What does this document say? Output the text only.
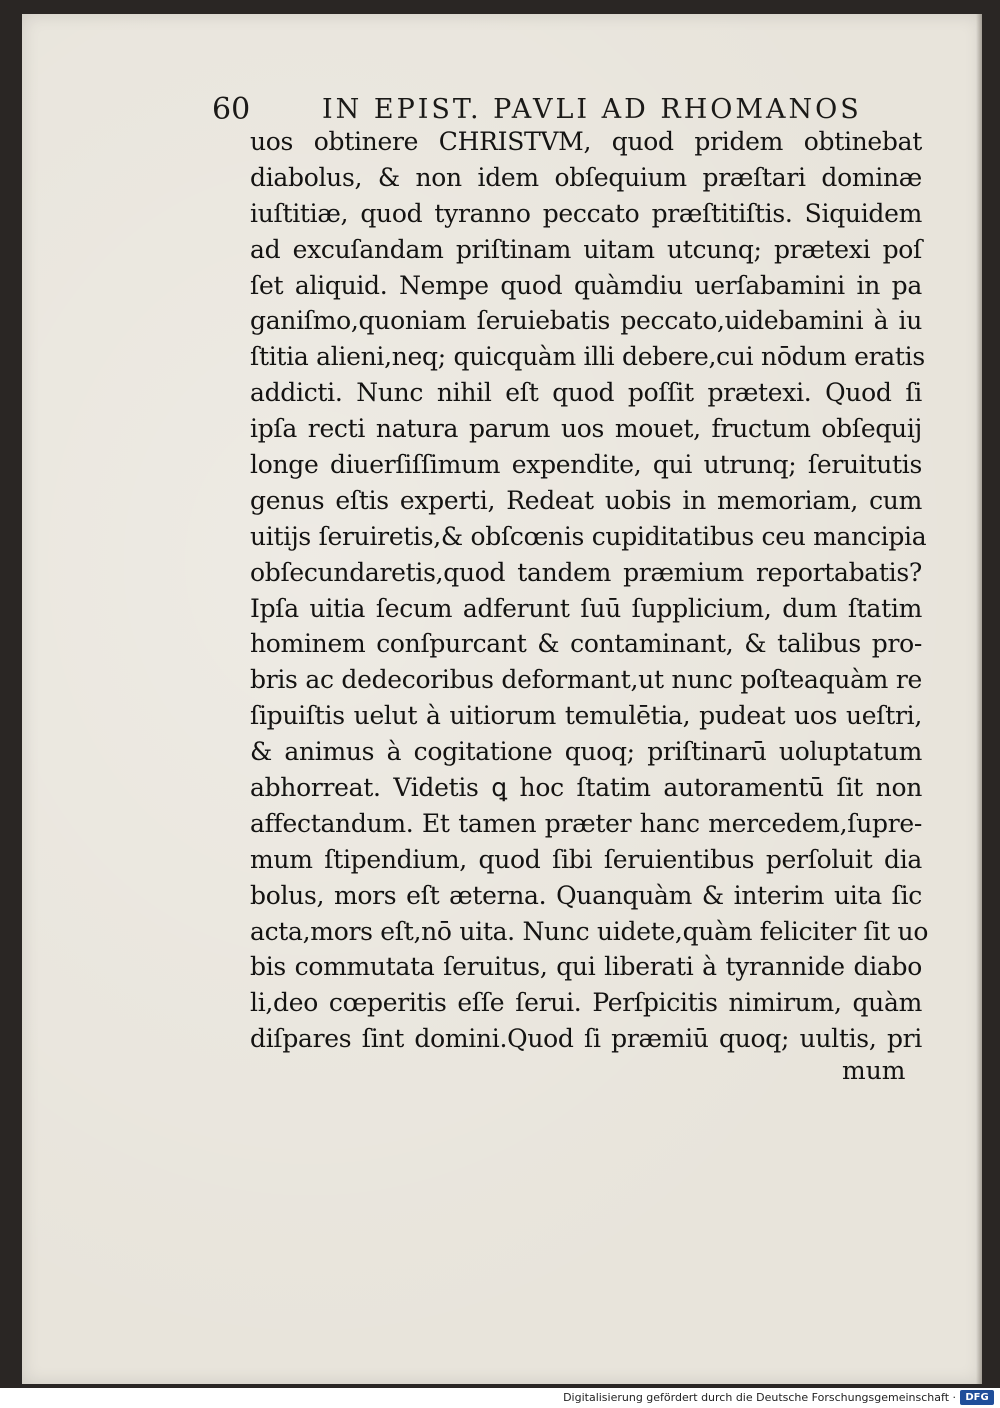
60	IN EPIST. PAVLI AD RHOMANOS
uos obtinere CHRISTVM, quod pridem obtinebat
diabolus, & non idem obſequium præſtari dominæ
iuſtitiæ, quod tyranno peccato præſtitiſtis. Siquidem
ad excuſandam priſtinam uitam utcunq; prætexi poſ
ſet aliquid. Nempe quod quàmdiu uerſabamini in pa
ganiſmo,quoniam ſeruiebatis peccato,uidebamini à iu
ſtitia alieni,neq; quicquàm illi debere,cui nōdum eratis
addicti. Nunc nihil eſt quod poſſit prætexi. Quod ſi
ipſa recti natura parum uos mouet, fructum obſequij
longe diuerſiſſimum expendite, qui utrunq; ſeruitutis
genus eſtis experti, Redeat uobis in memoriam, cum
uitijs ſeruiretis,& obſcœnis cupiditatibus ceu mancipia
obſecundaretis,quod tandem præmium reportabatis?
Ipſa uitia ſecum adferunt ſuū ſupplicium, dum ſtatim
hominem conſpurcant & contaminant, & talibus pro-
bris ac dedecoribus deformant,ut nunc poſteaquàm re
ſipuiſtis uelut à uitiorum temulētia, pudeat uos ueſtri,
& animus à cogitatione quoq; priſtinarū uoluptatum
abhorreat. Videtis ꝗ hoc ſtatim autoramentū ſit non
affectandum. Et tamen præter hanc mercedem,ſupre-
mum ſtipendium, quod ſibi ſeruientibus perſoluit dia
bolus, mors eſt æterna. Quanquàm & interim uita ſic
acta,mors eſt,nō uita. Nunc uidete,quàm feliciter ſit uo
bis commutata ſeruitus, qui liberati à tyrannide diabo
li,deo cœperitis eſſe ſerui. Perſpicitis nimirum, quàm
diſpares ſint domini.Quod ſi præmiū quoq; uultis, pri
mum
Digitalisierung gefördert durch die Deutsche Forschungsgemeinschaft · DFG
